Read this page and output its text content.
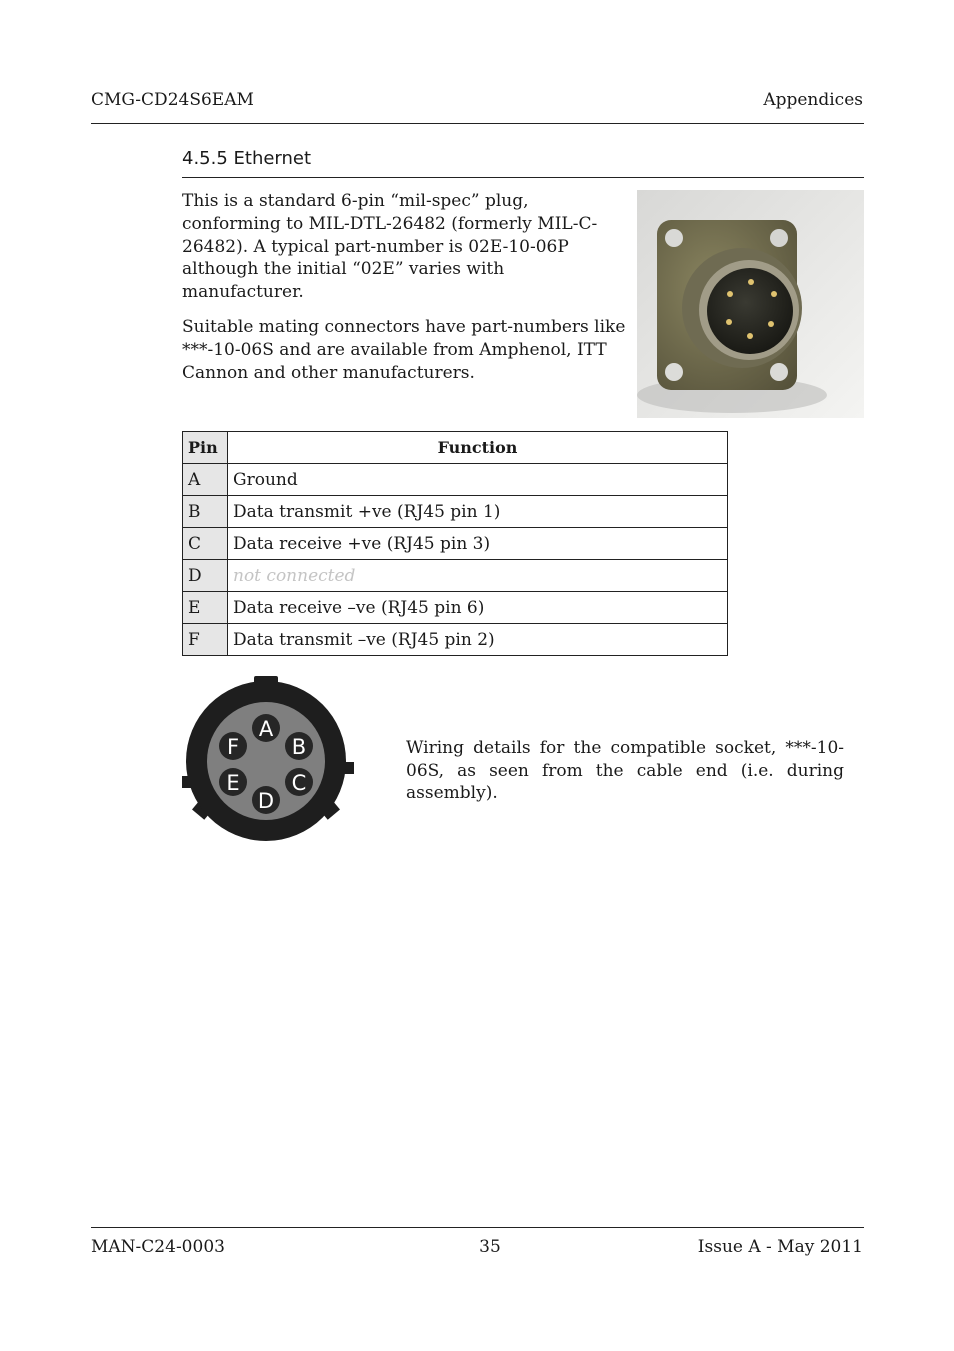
CMG-CD24S6EAM	Appendices
4.5.5 Ethernet

This is a standard 6-pin “mil-spec” plug, conforming to MIL-DTL-26482 (formerly MIL-C-26482). A typical part-number is 02E-10-06P although the initial “02E” varies with manufacturer.

Suitable mating connectors have part-numbers like ***-10-06S and are available from Amphenol, ITT Cannon and other manufacturers.

Pin	Function
A	Ground
B	Data transmit +ve (RJ45 pin 1)
C	Data receive +ve (RJ45 pin 3)
D	not connected
E	Data receive –ve (RJ45 pin 6)
F	Data transmit –ve (RJ45 pin 2)
A
B
C
D
E
F	Wiring details for the compatible socket, ***-10-06S, as seen from the cable end (i.e. during assembly).
MAN-C24-0003	35	Issue A - May 2011
